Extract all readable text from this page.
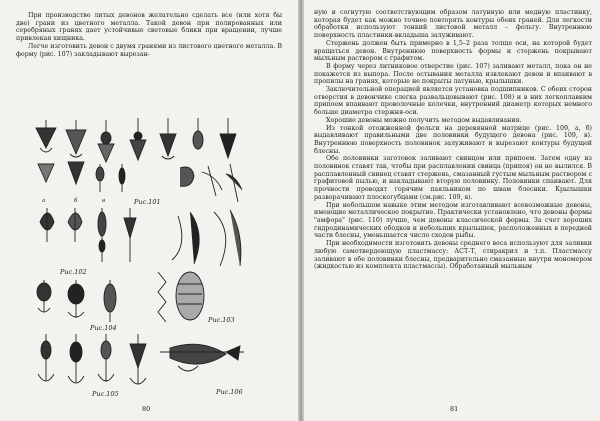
При производстве литых девонов желательно сделать все (или хотя бы две) грани из цветного металла. Такой девон при полированных или серебряных гранях дает устойчивые световые блики при вращении, лучше привлекая хищника.

Легче изготовить девон с двумя гранями из листового цветного металла. В форму (рис. 107) закладывают вырезан-

Рис.101
Рис.102
Рис.103
Рис.104
Рис.105	Рис.106
а	б	в
80

ную и согнутую соответствующим образом латунную или медную пластинку, которая будет как можно точнее повторять контуры обеих граней. Для легкости обработки используют тонкий листовой металл – фольгу. Внутреннюю поверхность пластинки-вкладыша залуживают.

Стержень должен быть примерно в 1,5–2 раза толще оси, на которой будет вращаться девон. Внутреннюю поверхность формы и стержень покрывают мыльным раствором с графитом.

В форму через литниковое отверстие (рис. 107) заливают металл, пока он не покажется из выпора. После остывания металла извлекают девон и впаивают в пропилы на гранях, которые не покрыты латунью, крылышки.

Заключительной операцией является установка подшипников. С обеих сторон отверстия в девончике слегка развальцовывают (рис. 108) и в них легкоплавким припоем впаивают проволочные колечки, внутренний диаметр которых немного больше диаметра стержня-оси.

Хорошие девоны можно получить методом выдавливания.

Из тонкой отожженной фольги на деревянной матрице (рис. 109, а, б) выдавливают правильными две половинки будущего девона (рис. 109, в). Внутреннюю поверхность половинок залуживают и вырезают контуры будущей блесны.

Обе половинки заготовок заливают свинцом или припоем. Затем одну из половинок ставят так, чтобы при расплавлении свинца (припоя) он не вылился. В расплавленный свинец ставят стержень, смазанный густым мыльным раствором с графитовой пылью, и накладывают вторую половинку. Половинки спаивают. Для прочности проводят горячим паяльником по швам блеснки. Крылышки разворачивают плоскогубцами (см.рис. 109, в).

При небольшом навыке этим методом изготавливают всевозможные девоны, имеющие металлическое покрытие. Практически установлено, что девоны формы "амфора" (рис. 110) лучше, чем девоны классической формы. За счет хороших гидродинамических ободков и небольших крылышек, расположенных в передней части блесны, уменьшается число сходов рыбы.

При необходимости изготовить девоны среднего веса используют для заливки любую самотвердеющую пластмассу: АСТ-Т, стиракрил и т.п. Пластмассу заливают в обе половинки блесны, предварительно смазанные внутри мономером (жидкостью из комплекта пластмассы). Обработанный мыльным

81
